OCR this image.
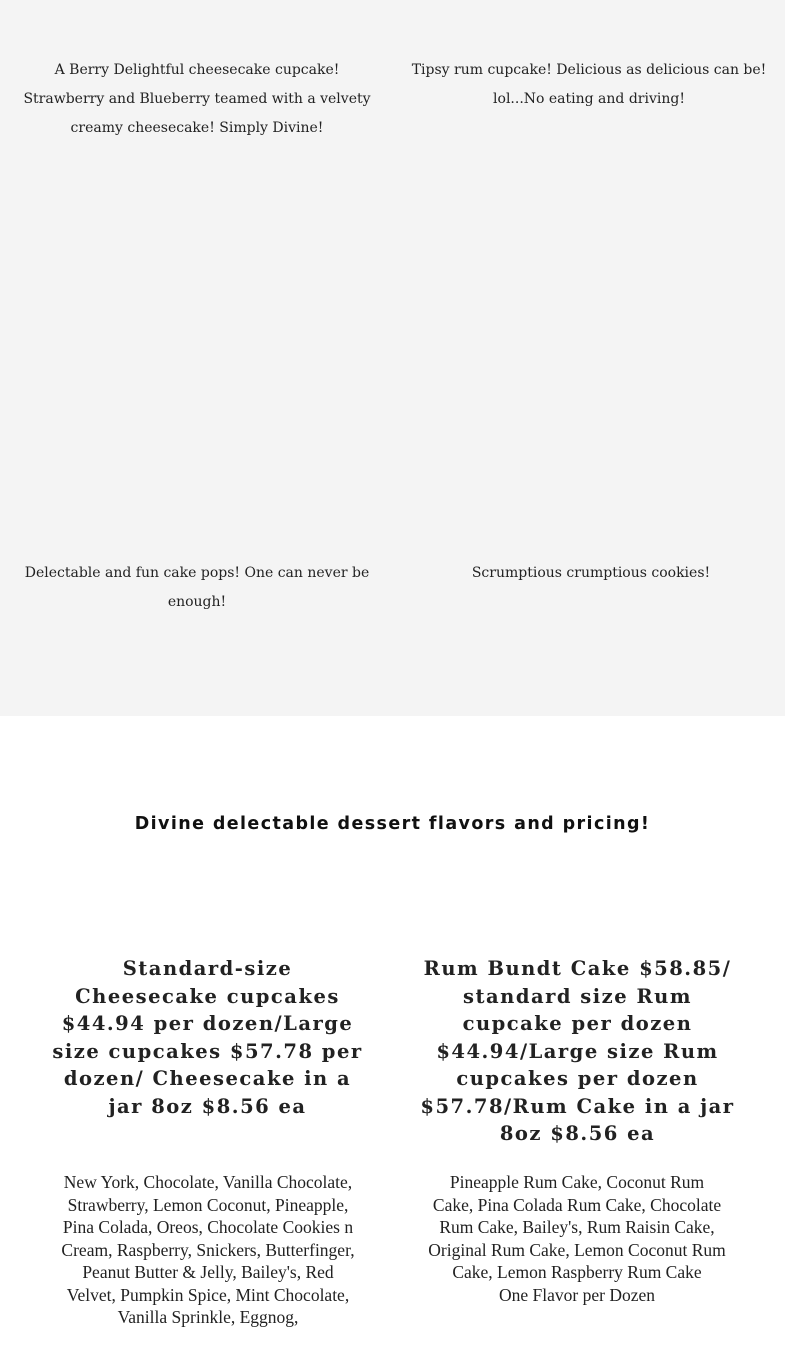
A Berry Delightful cheesecake cupcake! Strawberry and Blueberry teamed with a velvety creamy cheesecake! Simply Divine!

Tipsy rum cupcake! Delicious as delicious can be! lol...No eating and driving!

Delectable and fun cake pops! One can never be enough!

Scrumptious crumptious cookies!

Divine delectable dessert flavors and pricing!
Standard-size Cheesecake cupcakes $44.94 per dozen/Large size cupcakes $57.78 per dozen/ Cheesecake in a jar 8oz $8.56 ea

New York, Chocolate, Vanilla Chocolate, Strawberry, Lemon Coconut, Pineapple, Pina Colada, Oreos, Chocolate Cookies n Cream, Raspberry, Snickers, Butterfinger, Peanut Butter & Jelly, Bailey's, Red Velvet, Pumpkin Spice, Mint Chocolate, Vanilla Sprinkle, Eggnog,

Rum Bundt Cake $58.85/ standard size Rum cupcake per dozen $44.94/Large size Rum cupcakes per dozen $57.78/Rum Cake in a jar 8oz $8.56 ea
Pineapple Rum Cake, Coconut Rum Cake, Pina Colada Rum Cake, Chocolate Rum Cake, Bailey's, Rum Raisin Cake, Original Rum Cake, Lemon Coconut Rum Cake, Lemon Raspberry Rum Cake
One Flavor per Dozen
